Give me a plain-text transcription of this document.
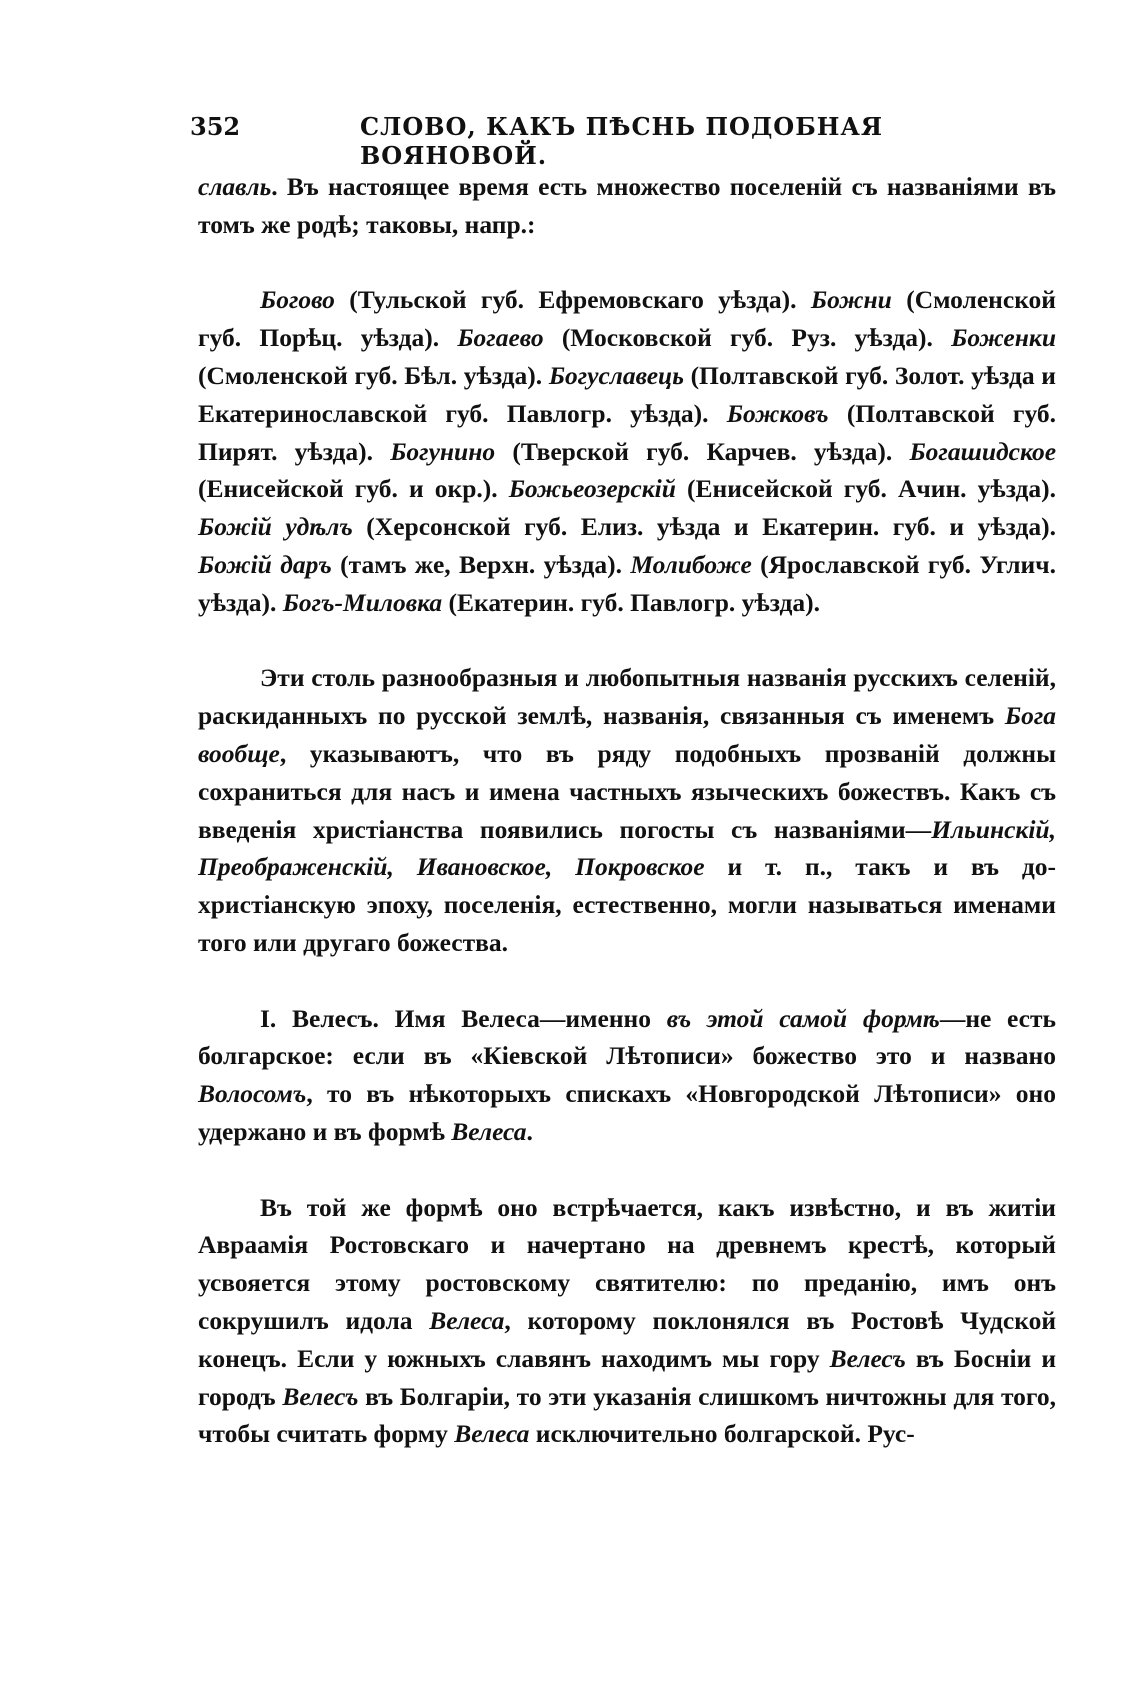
352	СЛОВО, КАКЪ ПѢСНЬ ПОДОБНАЯ ВОЯНОВОЙ.

славль. Въ настоящее время есть множество поселеній съ названіями въ томъ же родѣ; таковы, напр.:

Богово (Тульской губ. Ефремовскаго уѣзда). Божни (Смоленской губ. Порѣц. уѣзда). Богаево (Московской губ. Руз. уѣзда). Боженки (Смоленской губ. Бѣл. уѣзда). Богуславець (Полтавской губ. Золот. уѣзда и Екатеринославской губ. Павлогр. уѣзда). Божковъ (Полтавской губ. Пирят. уѣзда). Богунино (Тверской губ. Карчев. уѣзда). Богашидское (Енисейской губ. и окр.). Божьеозерскій (Енисейской губ. Ачин. уѣзда). Божій удѣлъ (Херсонской губ. Елиз. уѣзда и Екатерин. губ. и уѣзда). Божій даръ (тамъ же, Верхн. уѣзда). Молибоже (Ярославской губ. Углич. уѣзда). Богъ-Миловка (Екатерин. губ. Павлогр. уѣзда).

Эти столь разнообразныя и любопытныя названія русскихъ селеній, раскиданныхъ по русской землѣ, названія, связанныя съ именемъ Бога вообще, указываютъ, что въ ряду подобныхъ прозваній должны сохраниться для насъ и имена частныхъ языческихъ божествъ. Какъ съ введенія христіанства появились погосты съ названіями—Ильинскій, Преображенскій, Ивановское, Покровское и т. п., такъ и въ до-христіанскую эпоху, поселенія, естественно, могли называться именами того или другаго божества.

I. Велесъ. Имя Велеса—именно въ этой самой формѣ—не есть болгарское: если въ «Кіевской Лѣтописи» божество это и названо Волосомъ, то въ нѣкоторыхъ спискахъ «Новгородской Лѣтописи» оно удержано и въ формѣ Велеса.

Въ той же формѣ оно встрѣчается, какъ извѣстно, и въ житіи Авраамія Ростовскаго и начертано на древнемъ крестѣ, который усвояется этому ростовскому святителю: по преданію, имъ онъ сокрушилъ идола Велеса, которому поклонялся въ Ростовѣ Чудской конецъ. Если у южныхъ славянъ находимъ мы гору Велесъ въ Босніи и городъ Велесъ въ Болгаріи, то эти указанія слишкомъ ничтожны для того, чтобы считать форму Велеса исключительно болгарской. Рус-
